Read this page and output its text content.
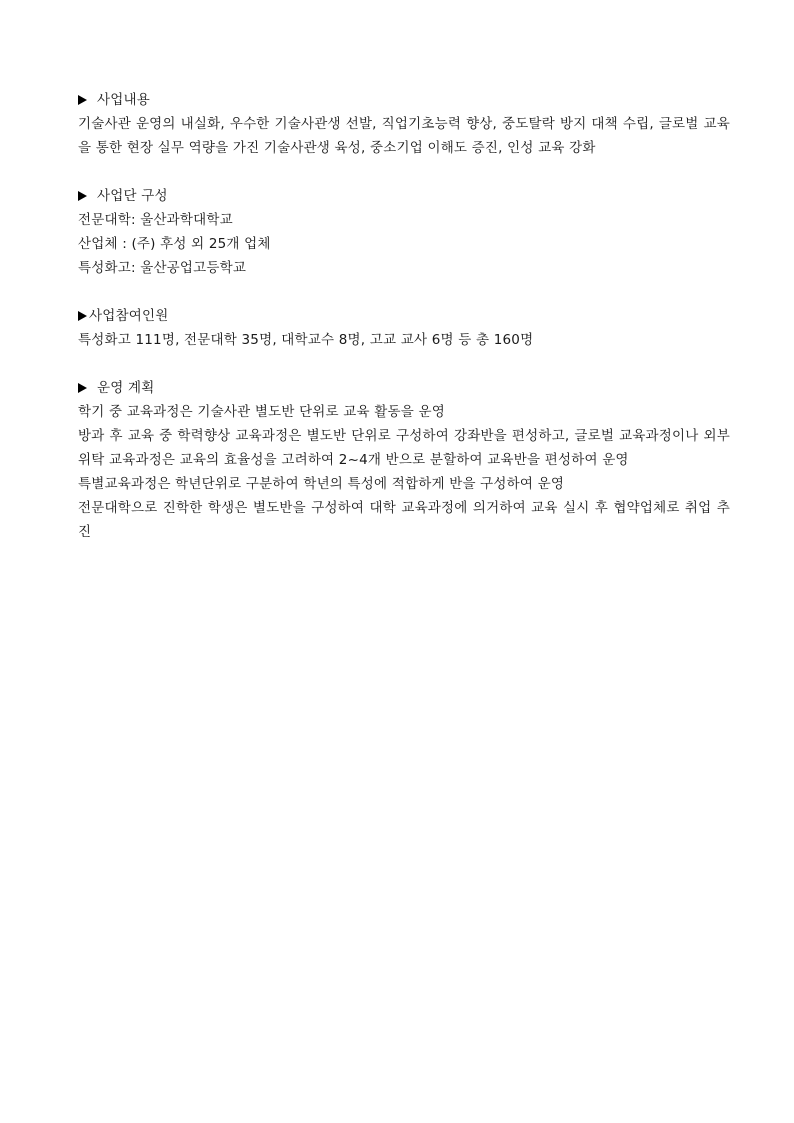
사업내용
기술사관 운영의 내실화, 우수한 기술사관생 선발, 직업기초능력 향상, 중도탈락 방지 대책 수립, 글로벌 교육을 통한 현장 실무 역량을 가진 기술사관생 육성, 중소기업 이해도 증진, 인성 교육 강화
사업단 구성
전문대학: 울산과학대학교
산업체 : (주) 후성 외 25개 업체
특성화고: 울산공업고등학교
사업참여인원
특성화고 111명, 전문대학 35명, 대학교수 8명, 고교 교사 6명 등 총 160명
운영 계획
학기 중 교육과정은 기술사관 별도반 단위로 교육 활동을 운영
방과 후 교육 중 학력향상 교육과정은 별도반 단위로 구성하여 강좌반을 편성하고, 글로벌 교육과정이나 외부 위탁 교육과정은 교육의 효율성을 고려하여 2~4개 반으로 분할하여 교육반을 편성하여 운영
특별교육과정은 학년단위로 구분하여 학년의 특성에 적합하게 반을 구성하여 운영
전문대학으로 진학한 학생은 별도반을 구성하여 대학 교육과정에 의거하여 교육 실시 후 협약업체로 취업 추진
